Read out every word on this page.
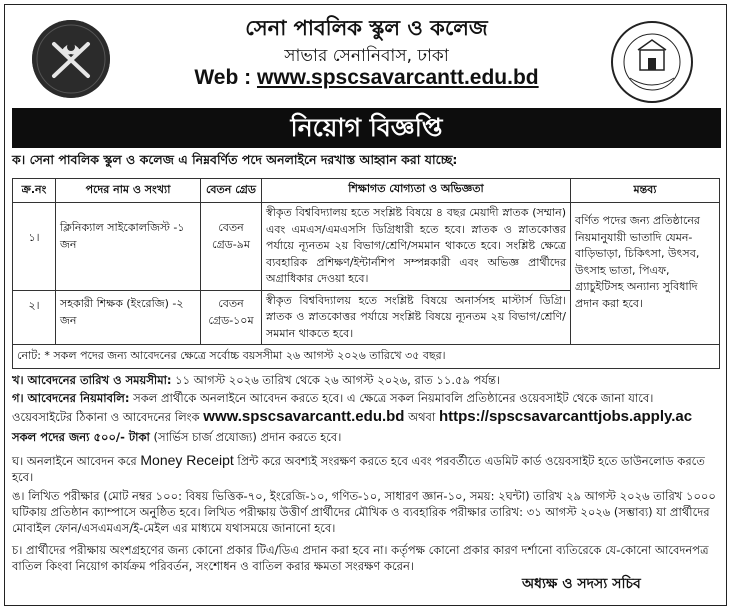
সেনা পাবলিক স্কুল ও কলেজ
সাভার সেনানিবাস, ঢাকা
Web : www.spscsavarcantt.edu.bd
নিয়োগ বিজ্ঞপ্তি
ক। সেনা পাবলিক স্কুল ও কলেজ এ নিম্নবর্ণিত পদে অনলাইনে দরখাস্ত আহ্বান করা যাচ্ছে:
ক্র.নং	পদের নাম ও সংখ্যা	বেতন গ্রেড	শিক্ষাগত যোগ্যতা ও অভিজ্ঞতা	মন্তব্য
১।	ক্লিনিক্যাল সাইকোলজিস্ট -১ জন	বেতন গ্রেড-৯ম	স্বীকৃত বিশ্ববিদ্যালয় হতে সংশ্লিষ্ট বিষয়ে ৪ বছর মেয়াদী স্নাতক (সম্মান) এবং এমএস/এমএসসি ডিগ্রিধারী হতে হবে। স্নাতক ও স্নাতকোত্তর পর্যায়ে ন্যূনতম ২য় বিভাগ/শ্রেণি/সমমান থাকতে হবে। সংশ্লিষ্ট ক্ষেত্রে ব্যবহারিক প্রশিক্ষণ/ইন্টার্নশিপ সম্পন্নকারী এবং অভিজ্ঞ প্রার্থীদের অগ্রাধিকার দেওয়া হবে।	বর্ণিত পদের জন্য প্রতিষ্ঠানের নিয়মানুযায়ী ভাতাদি যেমন- বাড়িভাড়া, চিকিৎসা, উৎসব, উৎসাহ ভাতা, পিএফ, গ্র্যাচুইটিসহ অন্যান্য সুবিধাদি প্রদান করা হবে।
২।	সহকারী শিক্ষক (ইংরেজি) -২ জন	বেতন গ্রেড-১০ম	স্বীকৃত বিশ্ববিদ্যালয় হতে সংশ্লিষ্ট বিষয়ে অনার্সসহ মাস্টার্স ডিগ্রি। স্নাতক ও স্নাতকোত্তর পর্যায়ে সংশ্লিষ্ট বিষয়ে ন্যূনতম ২য় বিভাগ/শ্রেণি/সমমান থাকতে হবে।	
নোট: * সকল পদের জন্য আবেদনের ক্ষেত্রে সর্বোচ্চ বয়সসীমা ২৬ আগস্ট ২০২৬ তারিখে ৩৫ বছর।				
খ। আবেদনের তারিখ ও সময়সীমা: ১১ আগস্ট ২০২৬ তারিখ থেকে ২৬ আগস্ট ২০২৬, রাত ১১.৫৯ পর্যন্ত।
গ। আবেদনের নিয়মাবলি: সকল প্রার্থীকে অনলাইনে আবেদন করতে হবে। এ ক্ষেত্রে সকল নিয়মাবলি প্রতিষ্ঠানের ওয়েবসাইট থেকে জানা যাবে।
ওয়েবসাইটের ঠিকানা ও আবেদনের লিংক www.spscsavarcantt.edu.bd অথবা https://spscsavarcanttjobs.apply.ac
সকল পদের জন্য ৫০০/- টাকা (সার্ভিস চার্জ প্রযোজ্য) প্রদান করতে হবে।
ঘ। অনলাইনে আবেদন করে Money Receipt প্রিন্ট করে অবশ্যই সংরক্ষণ করতে হবে এবং পরবর্তীতে এডমিট কার্ড ওয়েবসাইট হতে ডাউনলোড করতে হবে।
ঙ। লিখিত পরীক্ষার (মোট নম্বর ১০০: বিষয় ভিত্তিক-৭০, ইংরেজি-১০, গণিত-১০, সাধারণ জ্ঞান-১০, সময়: ২ঘন্টা) তারিখ ২৯ আগস্ট ২০২৬ তারিখ ১০০০ ঘটিকায় প্রতিষ্ঠান ক্যাম্পাসে অনুষ্ঠিত হবে। লিখিত পরীক্ষায় উত্তীর্ণ প্রার্থীদের মৌখিক ও ব্যবহারিক পরীক্ষার তারিখ: ৩১ আগস্ট ২০২৬ (সম্ভাব্য) যা প্রার্থীদের মোবাইল ফোন/এসএমএস/ই-মেইল এর মাধ্যমে যথাসময়ে জানানো হবে।
চ। প্রার্থীদের পরীক্ষায় অংশগ্রহণের জন্য কোনো প্রকার টিএ/ডিএ প্রদান করা হবে না। কর্তৃপক্ষ কোনো প্রকার কারণ দর্শানো ব্যতিরেকে যে-কোনো আবেদনপত্র বাতিল কিংবা নিয়োগ কার্যক্রম পরিবর্তন, সংশোধন ও বাতিল করার ক্ষমতা সংরক্ষণ করেন।
অধ্যক্ষ ও সদস্য সচিব
